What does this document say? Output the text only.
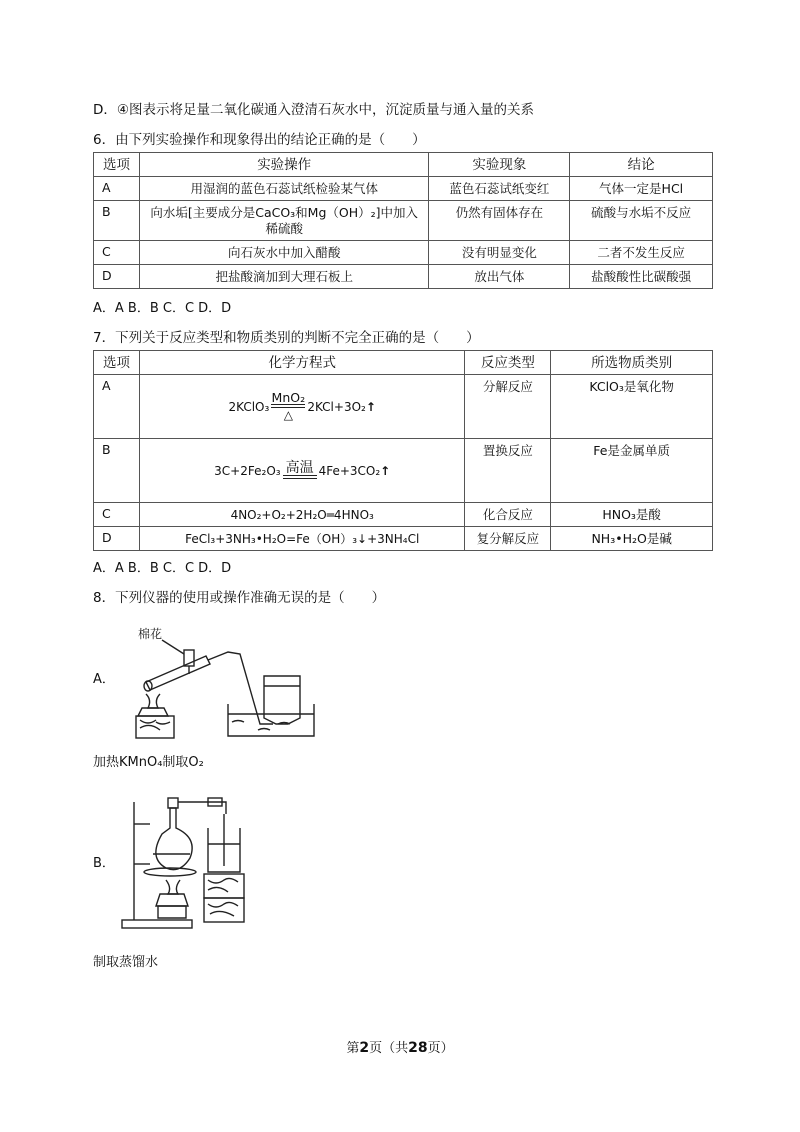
D．④图表示将足量二氧化碳通入澄清石灰水中，沉淀质量与通入量的关系
6．由下列实验操作和现象得出的结论正确的是（　　）
选项	实验操作	实验现象	结论
A	用湿润的蓝色石蕊试纸检验某气体	蓝色石蕊试纸变红	气体一定是HCl
B	向水垢[主要成分是CaCO₃和Mg（OH）₂]中加入
稀硫酸	仍然有固体存在	硫酸与水垢不反应
C	向石灰水中加入醋酸	没有明显变化	二者不发生反应
D	把盐酸滴加到大理石板上	放出气体	盐酸酸性比碳酸强
A．A B．B C．C D．D
7．下列关于反应类型和物质类别的判断不完全正确的是（　　）
选项	化学方程式	反应类型	所选物质类别
A	2KClO₃
MnO₂
△
2KCl+3O₂ ↑	分解反应	KClO₃是氧化物
B	3C+2Fe₂O₃ 高温 4Fe+3CO₂ ↑	置换反应	Fe是金属单质
C	4NO₂+O₂+2H₂O═4HNO₃	化合反应	HNO₃是酸
D	FeCl₃+3NH₃•H₂O=Fe（OH）₃↓+3NH₄Cl	复分解反应	NH₃•H₂O是碱
A．A B．B C．C D．D
8．下列仪器的使用或操作准确无误的是（　　）
A．
棉花
加热KMnO₄制取O₂
B．
制取蒸馏水
第2页（共28页）
